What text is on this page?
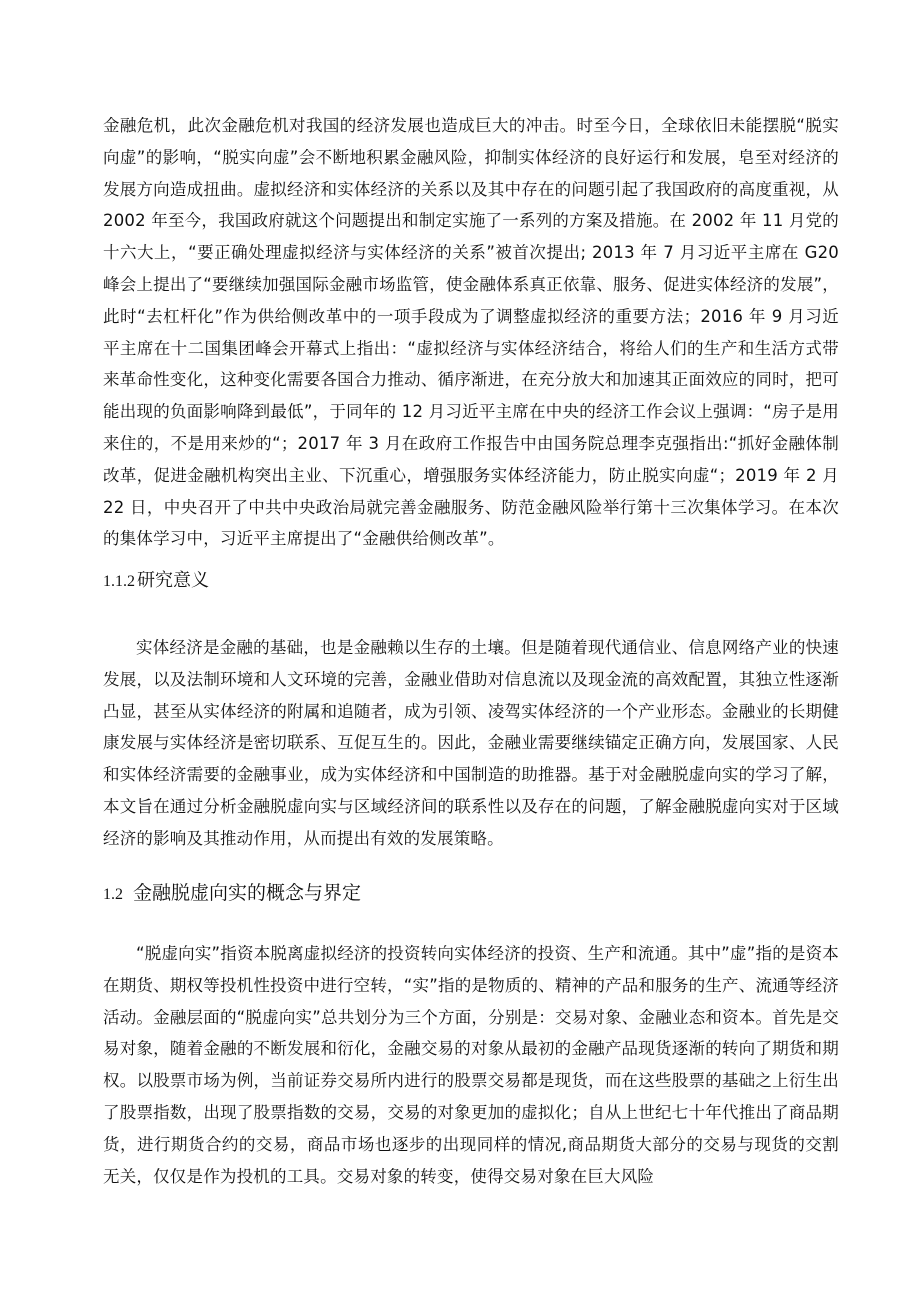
金融危机，此次金融危机对我国的经济发展也造成巨大的冲击。时至今日，全球依旧未能摆脱“脱实向虚”的影响，“脱实向虚”会不断地积累金融风险，抑制实体经济的良好运行和发展，皂至对经济的发展方向造成扭曲。虚拟经济和实体经济的关系以及其中存在的问题引起了我国政府的高度重视，从 2002 年至今，我国政府就这个问题提出和制定实施了一系列的方案及措施。在 2002 年 11 月党的十六大上，“要正确处理虚拟经济与实体经济的关系”被首次提出; 2013 年 7 月习近平主席在 G20 峰会上提出了“要继续加强国际金融市场监管，使金融体系真正依靠、服务、促进实体经济的发展”，此时“去杠杆化”作为供给侧改革中的一项手段成为了调整虚拟经济的重要方法；2016 年 9 月习近平主席在十二国集团峰会开幕式上指出：“虚拟经济与实体经济结合，将给人们的生产和生活方式带来革命性变化，这种变化需要各国合力推动、循序渐进，在充分放大和加速其正面效应的同时，把可能出现的负面影响降到最低”，于同年的 12 月习近平主席在中央的经济工作会议上强调：“房子是用来住的，不是用来炒的“；2017 年 3 月在政府工作报告中由国务院总理李克强指出:“抓好金融体制改革，促进金融机构突出主业、下沉重心，增强服务实体经济能力，防止脱实向虚“；2019 年 2 月 22 日，中央召开了中共中央政治局就完善金融服务、防范金融风险举行第十三次集体学习。在本次的集体学习中，习近平主席提出了“金融供给侧改革”。

1.1.2 研究意义

实体经济是金融的基础，也是金融赖以生存的土壤。但是随着现代通信业、信息网络产业的快速发展，以及法制环境和人文环境的完善，金融业借助对信息流以及现金流的高效配置，其独立性逐渐凸显，甚至从实体经济的附属和追随者，成为引领、凌驾实体经济的一个产业形态。金融业的长期健康发展与实体经济是密切联系、互促互生的。因此，金融业需要继续锚定正确方向，发展国家、人民和实体经济需要的金融事业，成为实体经济和中国制造的助推器。基于对金融脱虚向实的学习了解，本文旨在通过分析金融脱虚向实与区域经济间的联系性以及存在的问题，了解金融脱虚向实对于区域经济的影响及其推动作用，从而提出有效的发展策略。

1.2 金融脱虚向实的概念与界定

“脱虚向实”指资本脱离虚拟经济的投资转向实体经济的投资、生产和流通。其中”虚”指的是资本在期货、期权等投机性投资中进行空转，“实”指的是物质的、精神的产品和服务的生产、流通等经济活动。金融层面的“脱虚向实”总共划分为三个方面，分别是：交易对象、金融业态和资本。首先是交易对象，随着金融的不断发展和衍化，金融交易的对象从最初的金融产品现货逐渐的转向了期货和期权。以股票市场为例，当前证券交易所内进行的股票交易都是现货，而在这些股票的基础之上衍生出了股票指数，出现了股票指数的交易，交易的对象更加的虚拟化；自从上世纪七十年代推出了商品期货，进行期货合约的交易，商品市场也逐步的出现同样的情况,商品期货大部分的交易与现货的交割无关，仅仅是作为投机的工具。交易对象的转变，使得交易对象在巨大风险
